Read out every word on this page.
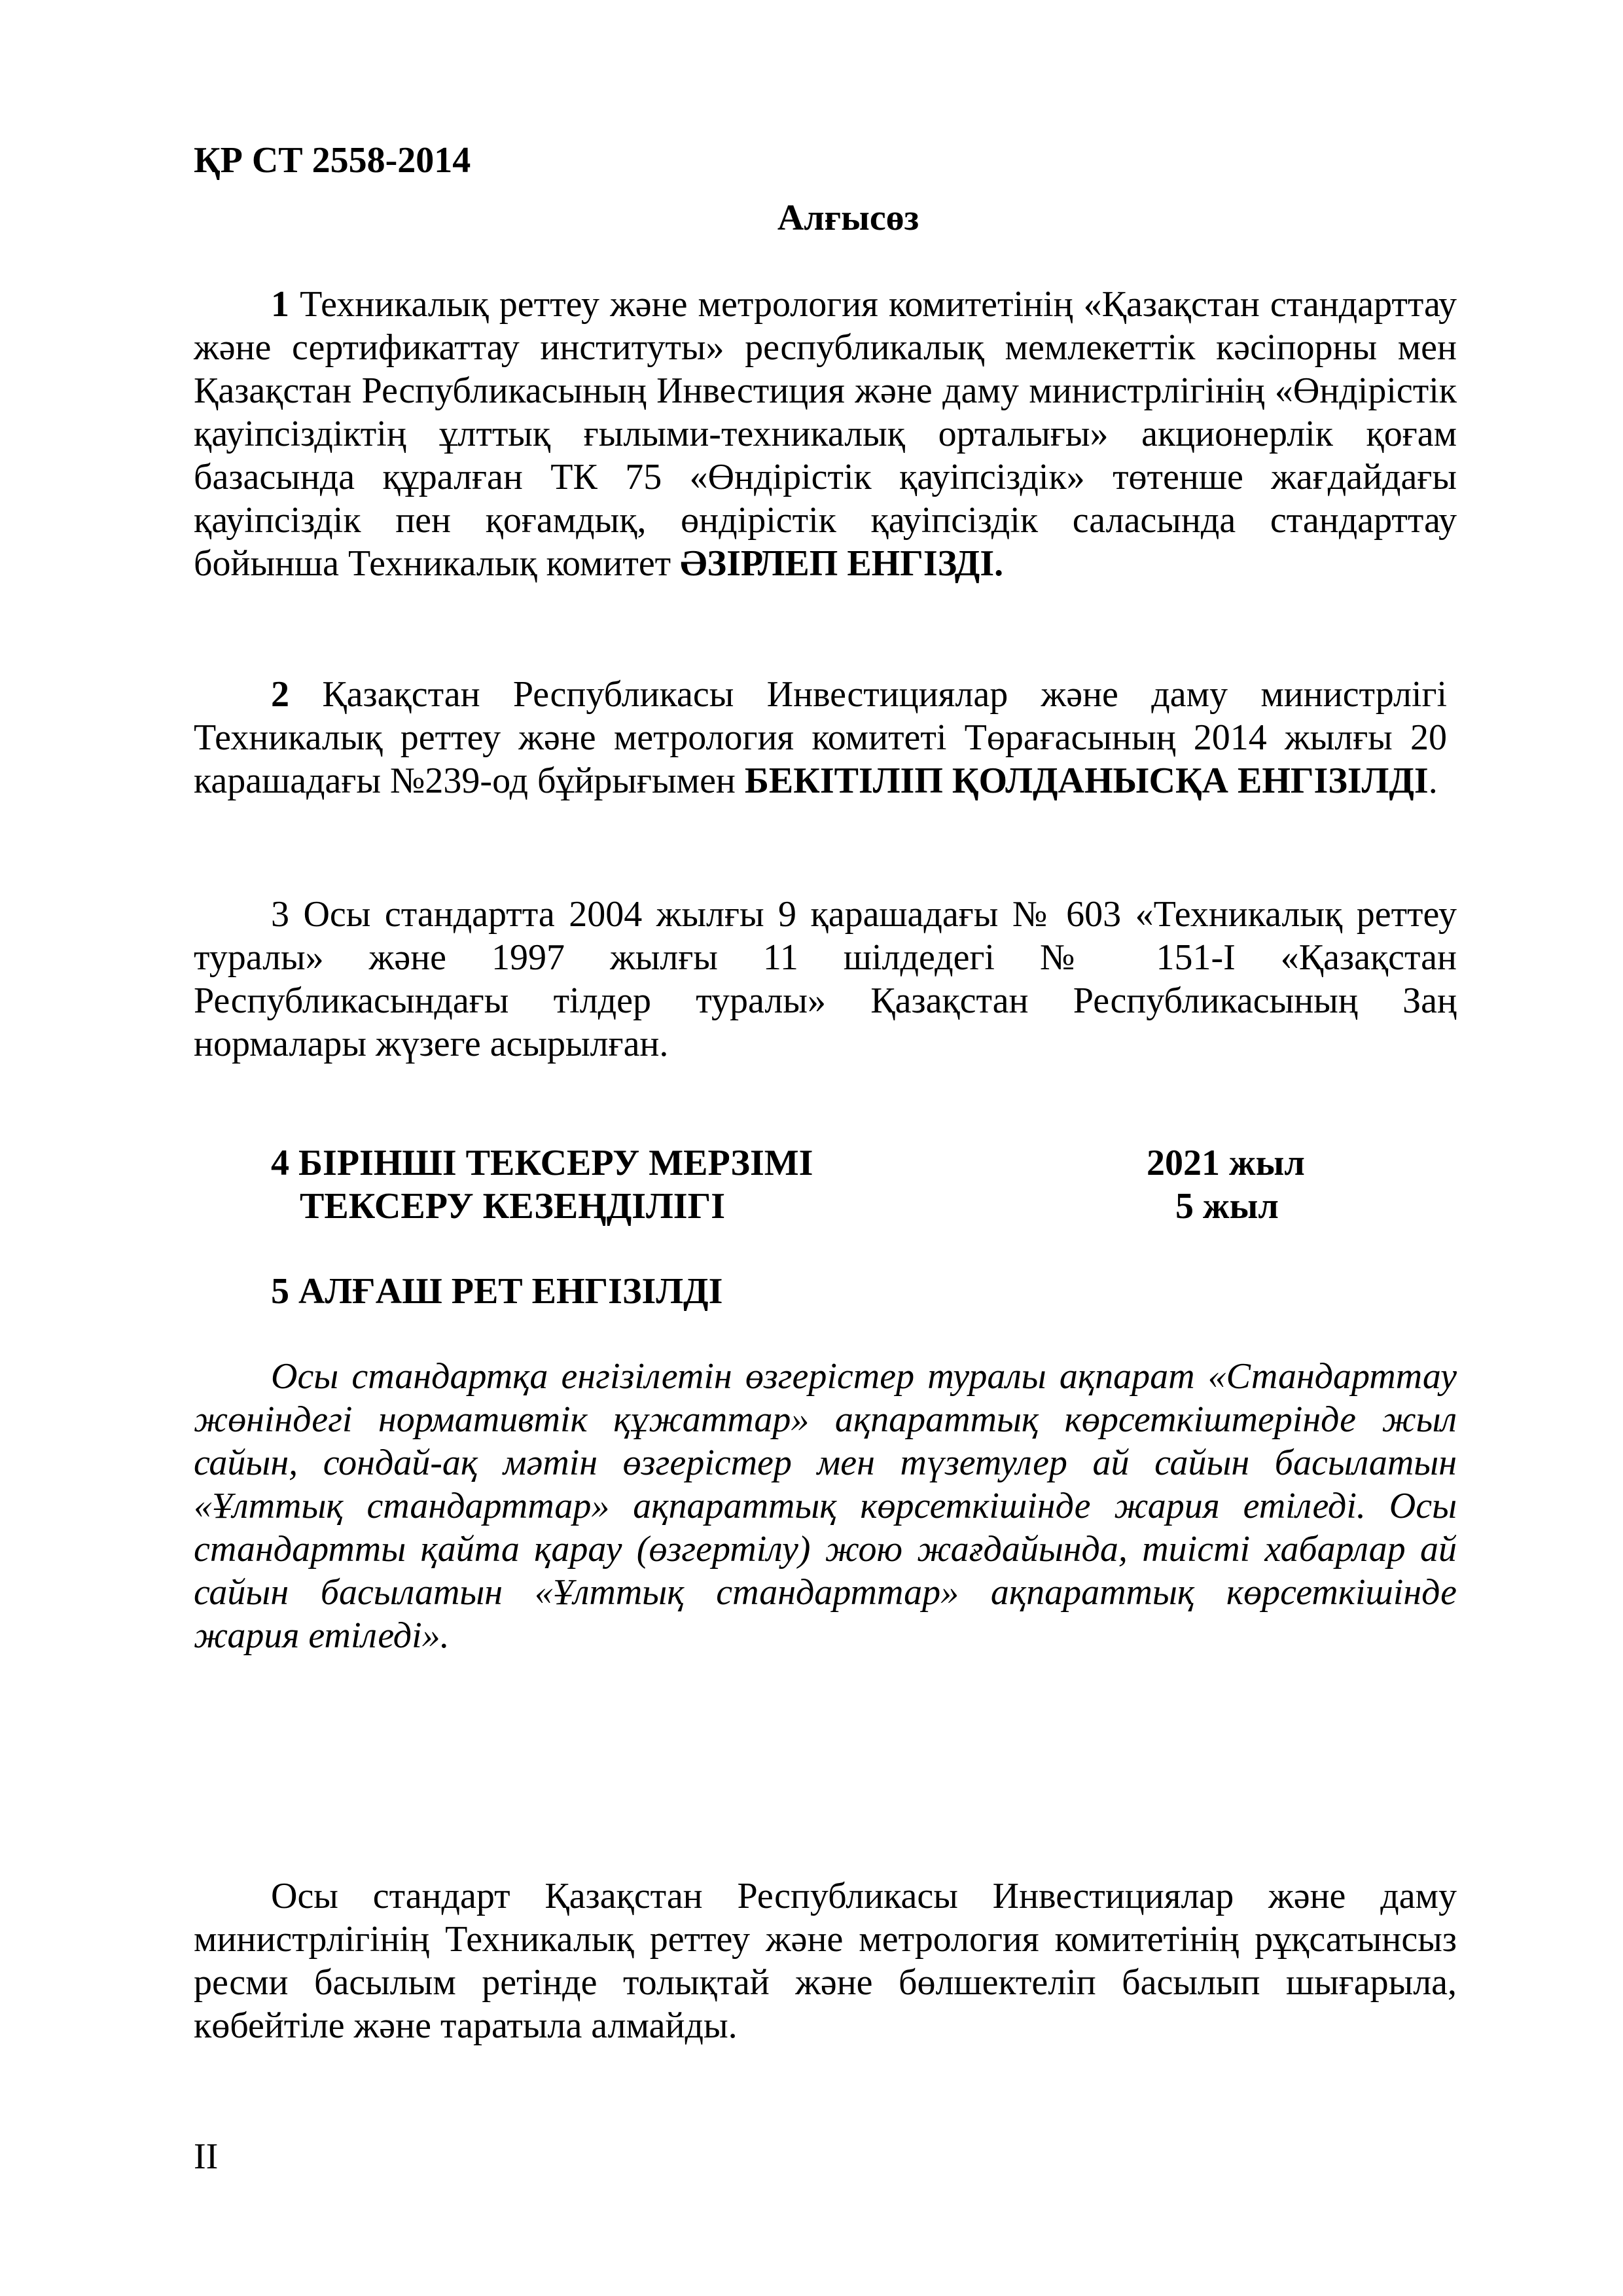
ҚР СТ 2558-2014
Алғысөз
1 Техникалық реттеу және метрология комитетінің «Қазақстан стандарттау және сертификаттау институты» республикалық мемлекеттік кәсіпорны мен Қазақстан Республикасының Инвестиция және даму министрлігінің «Өндірістік қауіпсіздіктің ұлттық ғылыми-техникалық орталығы» акционерлік қоғам базасында құралған ТК 75 «Өндірістік қауіпсіздік» төтенше жағдайдағы қауіпсіздік пен қоғамдық, өндірістік қауіпсіздік саласында стандарттау бойынша Техникалық комитет ӘЗІРЛЕП ЕНГІЗДІ.
2 Қазақстан Республикасы Инвестициялар және даму министрлігі Техникалық реттеу және метрология комитеті Төрағасының 2014 жылғы 20 карашадағы №239-од бұйрығымен БЕКІТІЛІП ҚОЛДАНЫСҚА ЕНГІЗІЛДІ.
3 Осы стандартта 2004 жылғы 9 қарашадағы № 603 «Техникалық реттеу туралы» және 1997 жылғы 11 шілдедегі № 151-І «Қазақстан Республикасындағы тілдер туралы» Қазақстан Республикасының Заң нормалары жүзеге асырылған.
4 БІРІНШІ ТЕКСЕРУ МЕРЗІМІ	2021 жыл
ТЕКСЕРУ КЕЗЕҢДІЛІГІ	5 жыл
5 АЛҒАШ РЕТ ЕНГІЗІЛДІ
Осы стандартқа енгізілетін өзгерістер туралы ақпарат «Стандарттау жөніндегі нормативтік құжаттар» ақпараттық көрсеткіштерінде жыл сайын, сондай-ақ мәтін өзгерістер мен түзетулер ай сайын басылатын «Ұлттық стандарттар» ақпараттық көрсеткішінде жария етіледі. Осы стандартты қайта қарау (өзгертілу) жою жағдайында, тиісті хабарлар ай сайын басылатын «Ұлттық стандарттар» ақпараттық көрсеткішінде жария етіледі».
Осы стандарт Қазақстан Республикасы Инвестициялар және даму министрлігінің Техникалық реттеу және метрология комитетінің рұқсатынсыз ресми басылым ретінде толықтай және бөлшектеліп басылып шығарыла, көбейтіле және таратыла алмайды.
II
